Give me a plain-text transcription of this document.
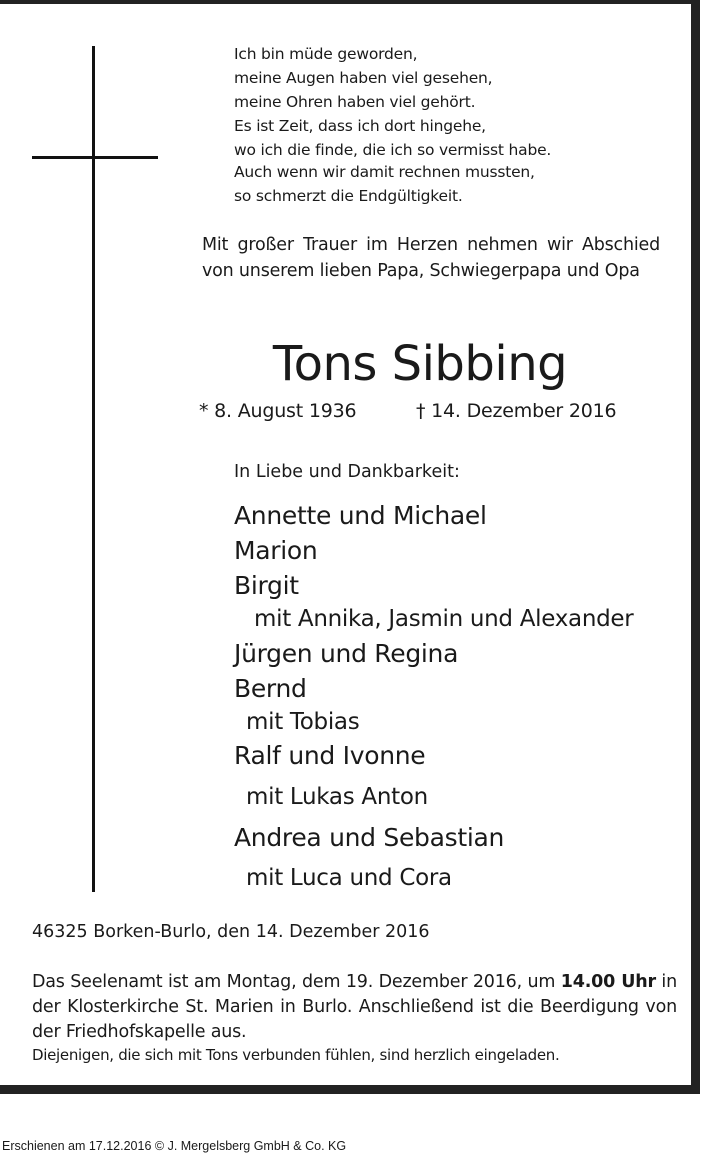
Ich bin müde geworden,
meine Augen haben viel gesehen,
meine Ohren haben viel gehört.
Es ist Zeit, dass ich dort hingehe,
wo ich die finde, die ich so vermisst habe.
Auch wenn wir damit rechnen mussten,
so schmerzt die Endgültigkeit.
Mit großer Trauer im Herzen nehmen wir Abschied von unserem lieben Papa, Schwiegerpapa und Opa
Tons Sibbing
* 8. August 1936	† 14. Dezember 2016
In Liebe und Dankbarkeit:
Annette und Michael
Marion
Birgit
mit Annika, Jasmin und Alexander
Jürgen und Regina
Bernd
mit Tobias
Ralf und Ivonne
mit Lukas Anton
Andrea und Sebastian
mit Luca und Cora
46325 Borken-Burlo, den 14. Dezember 2016
Das Seelenamt ist am Montag, dem 19. Dezember 2016, um 14.00 Uhr in der Klosterkirche St. Marien in Burlo. Anschließend ist die Beerdigung von der Friedhofskapelle aus.
Diejenigen, die sich mit Tons verbunden fühlen, sind herzlich eingeladen.
Erschienen am 17.12.2016 © J. Mergelsberg GmbH & Co. KG
